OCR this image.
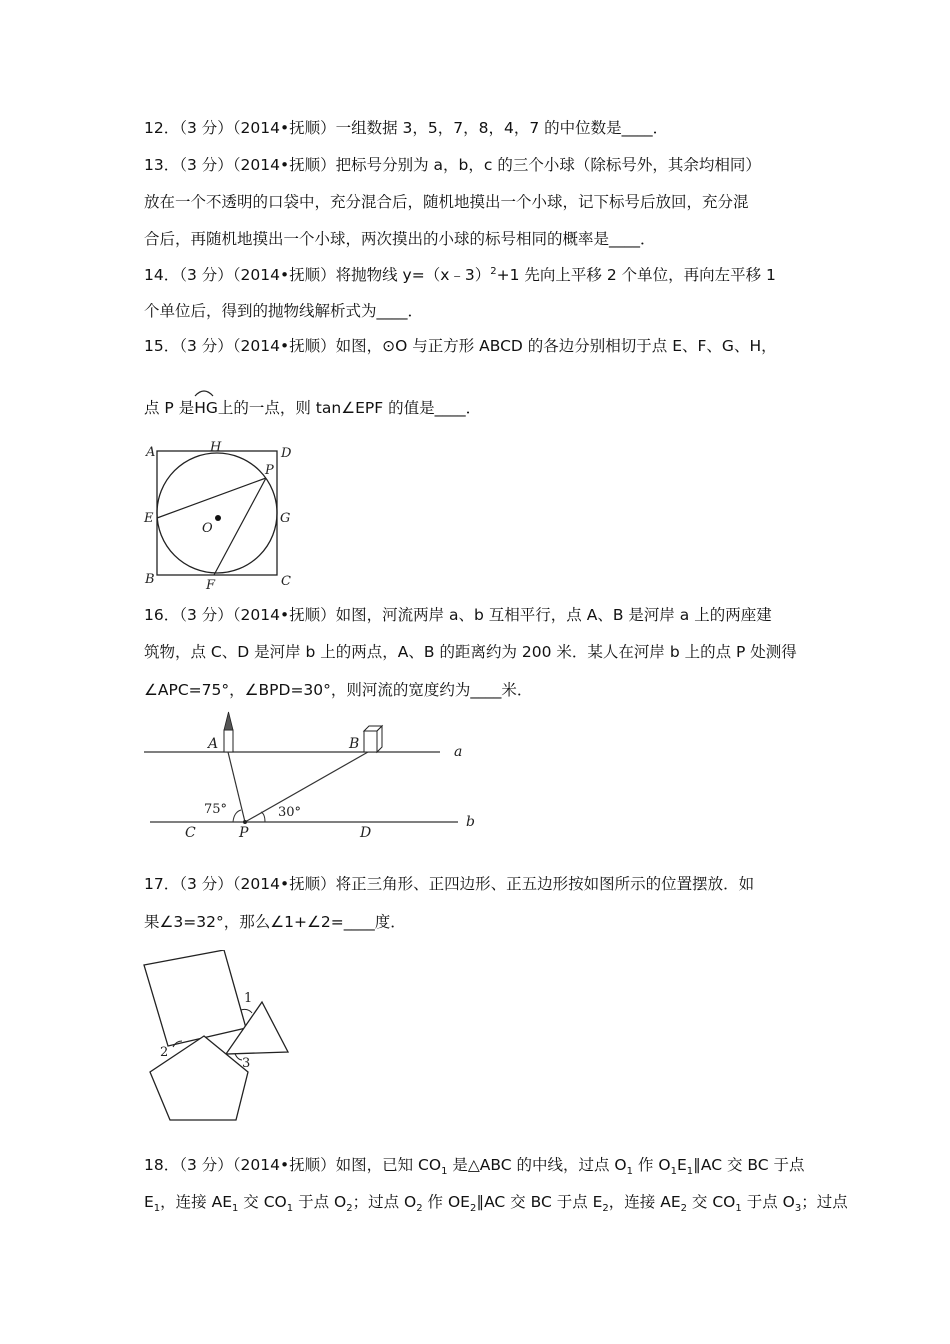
12．（3 分）（2014•抚顺）一组数据 3，5，7，8，4，7 的中位数是____．
13．（3 分）（2014•抚顺）把标号分别为 a，b，c 的三个小球（除标号外，其余均相同）
放在一个不透明的口袋中，充分混合后，随机地摸出一个小球，记下标号后放回，充分混
合后，再随机地摸出一个小球，两次摸出的小球的标号相同的概率是____．
14．（3 分）（2014•抚顺）将抛物线 y=（x﹣3）$^2$+1 先向上平移 2 个单位，再向左平移 1
个单位后，得到的抛物线解析式为____．
15．（3 分）（2014•抚顺）如图，⊙O 与正方形 ABCD 的各边分别相切于点 E、F、G、H，
点 P 是
HG上的一点，则 tan∠EPF 的值是____．
A	H	D
P
E
O
G
B	F	C
16．（3 分）（2014•抚顺）如图，河流两岸 a、b 互相平行，点 A、B 是河岸 a 上的两座建
筑物，点 C、D 是河岸 b 上的两点，A、B 的距离约为 200 米．某人在河岸 b 上的点 P 处测得
∠APC=75°，∠BPD=30°，则河流的宽度约为____米．
A	B	a
b
75°	30°
C	P	D
17．（3 分）（2014•抚顺）将正三角形、正四边形、正五边形按如图所示的位置摆放．如
果∠3=32°，那么∠1+∠2=____度．
1
2
3
18．（3 分）（2014•抚顺）如图，已知 $CO_1$ 是△ABC 的中线，过点 $O_1$ 作 $O_1E_1\parallel AC$ 交 BC 于点
$E_1$，连接 $AE_1$ 交 $CO_1$ 于点 $O_2$；过点 $O_2$ 作 $OE_2\parallel AC$ 交 BC 于点 $E_2$，连接 $AE_2$ 交 $CO_1$ 于点 $O_3$；过点
